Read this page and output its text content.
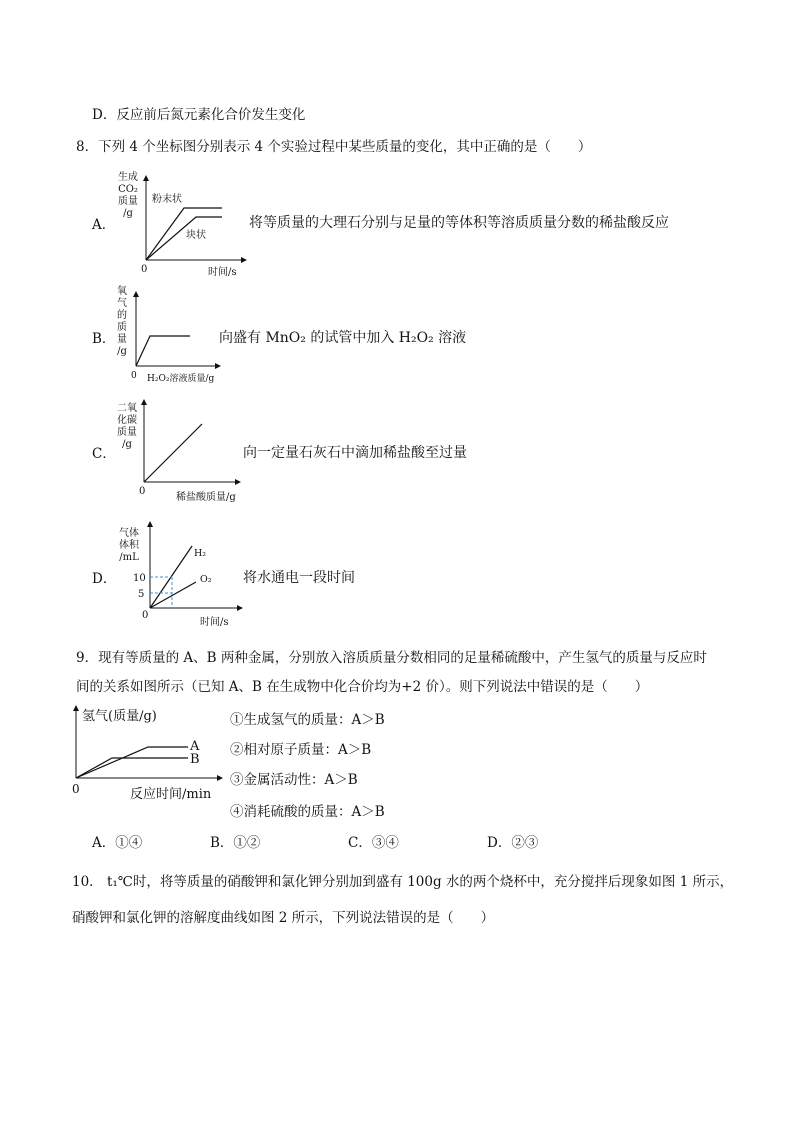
D．反应前后氮元素化合价发生变化
8．下列 4 个坐标图分别表示 4 个实验过程中某些质量的变化，其中正确的是（　　）
A．
生成
CO₂
质量
/g
0
粉末状
块状
时间/s
将等质量的大理石分别与足量的等体积等溶质质量分数的稀盐酸反应
B．
氧
气
的
质
量
/g
0 H₂O₂溶液质量/g
向盛有 MnO₂ 的试管中加入 H₂O₂ 溶液
C．
二氧
化碳
质量
/g
0
稀盐酸质量/g
向一定量石灰石中滴加稀盐酸至过量
D．
气体
体积
/mL
10
5
0
H₂
O₂
时间/s
将水通电一段时间
9．现有等质量的 A、B 两种金属，分别放入溶质质量分数相同的足量稀硫酸中，产生氢气的质量与反应时
间的关系如图所示（已知 A、B 在生成物中化合价均为+2 价）。则下列说法中错误的是（　　）
0
A
B
氢气(质量/g)
反应时间/min
①生成氢气的质量：A＞B
②相对原子质量：A＞B
③金属活动性：A＞B
④消耗硫酸的质量：A＞B
A．①④	B．①②	C．③④	D．②③
10． t₁℃时，将等质量的硝酸钾和氯化钾分别加到盛有 100g 水的两个烧杯中，充分搅拌后现象如图 1 所示，
硝酸钾和氯化钾的溶解度曲线如图 2 所示，下列说法错误的是（　　）
